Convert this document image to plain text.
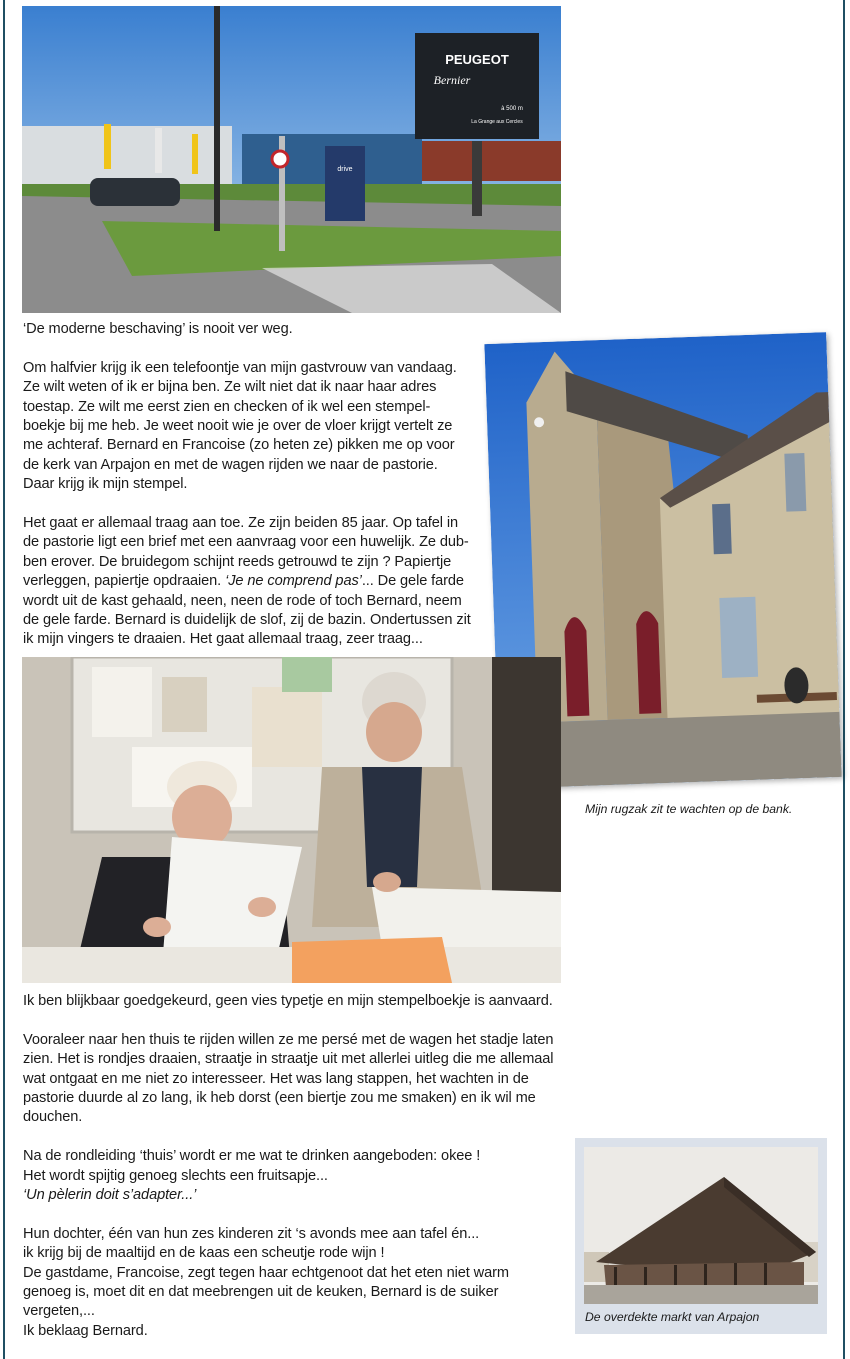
PEUGEOT
Bernier
à 500 m
La Grange aux Cercles
drive
Mijn rugzak zit te wachten op de bank.

‘De moderne beschaving’ is nooit ver weg.

Om halfvier krijg ik een telefoontje van mijn gastvrouw van vandaag.
Ze wilt weten of ik er bijna ben. Ze wilt niet dat ik naar haar adres
toestap. Ze wilt me eerst zien en checken of ik wel een stempel-
boekje bij me heb. Je weet nooit wie je over de vloer krijgt vertelt ze
me achteraf. Bernard en Francoise (zo heten ze) pikken me op voor
de kerk van Arpajon en met de wagen rijden we naar de pastorie.
Daar krijg ik mijn stempel.

Het gaat er allemaal traag aan toe. Ze zijn beiden 85 jaar. Op tafel in
de pastorie ligt een brief met een aanvraag voor een huwelijk. Ze dub-
ben erover. De bruidegom schijnt reeds getrouwd te zijn ? Papiertje
verleggen, papiertje opdraaien. ‘Je ne comprend pas’... De gele farde
wordt uit de kast gehaald, neen, neen de rode of toch Bernard, neem
de gele farde. Bernard is duidelijk de slof, zij de bazin. Ondertussen zit
ik mijn vingers te draaien. Het gaat allemaal traag, zeer traag...

Ik ben blijkbaar goedgekeurd, geen vies typetje en mijn stempelboekje is aanvaard.

Vooraleer naar hen thuis te rijden willen ze me persé met de wagen het stadje laten
zien. Het is rondjes draaien, straatje in straatje uit met allerlei uitleg die me allemaal
wat ontgaat en me niet zo interesseer. Het was lang stappen, het wachten in de
pastorie duurde al zo lang, ik heb dorst (een biertje zou me smaken) en ik wil me
douchen.

Na de rondleiding ‘thuis’ wordt er me wat te drinken aangeboden: okee !
Het wordt spijtig genoeg slechts een fruitsapje...
‘Un pèlerin doit s’adapter...’

Hun dochter, één van hun zes kinderen zit ‘s avonds mee aan tafel én...
ik krijg bij de maaltijd en de kaas een scheutje rode wijn !
De gastdame, Francoise, zegt tegen haar echtgenoot dat het eten niet warm
genoeg is, moet dit en dat meebrengen uit de keuken, Bernard is de suiker
vergeten,...
Ik beklaag Bernard.

De overdekte markt van Arpajon
